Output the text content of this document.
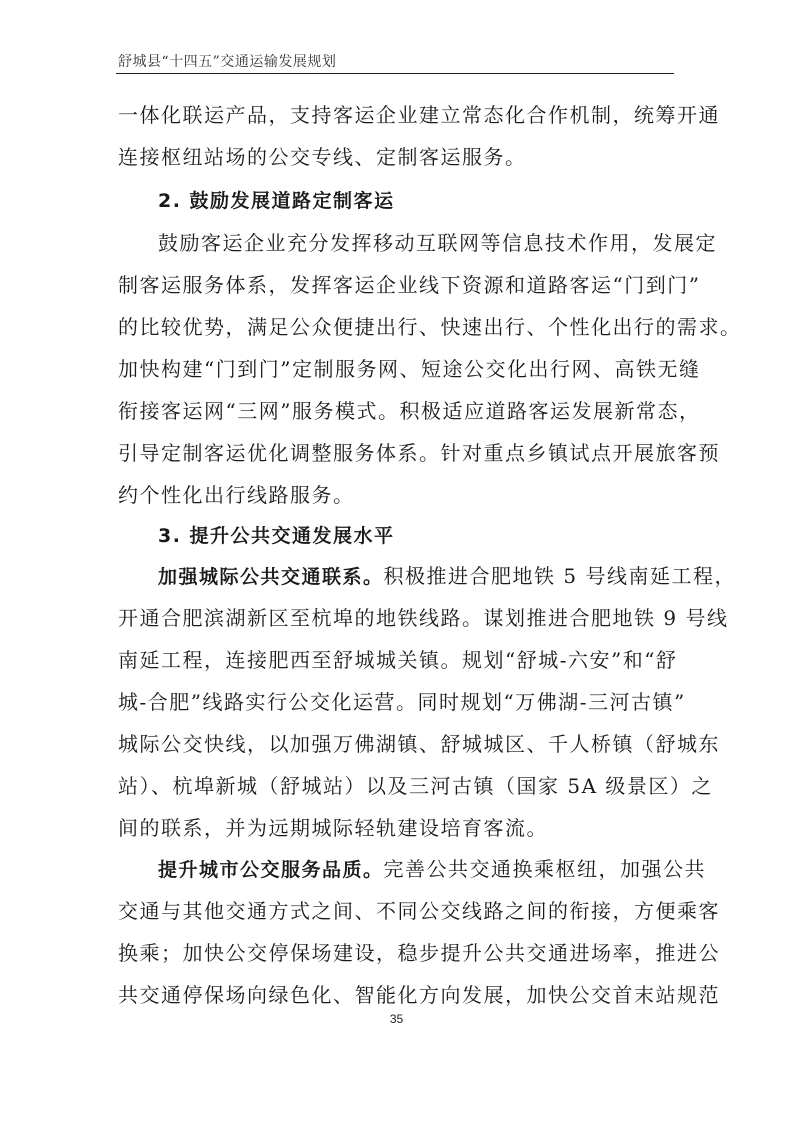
舒城县“十四五”交通运输发展规划
一体化联运产品，支持客运企业建立常态化合作机制，统筹开通
连接枢纽站场的公交专线、定制客运服务。
2. 鼓励发展道路定制客运
鼓励客运企业充分发挥移动互联网等信息技术作用，发展定
制客运服务体系，发挥客运企业线下资源和道路客运“门到门”
的比较优势，满足公众便捷出行、快速出行、个性化出行的需求。
加快构建“门到门”定制服务网、短途公交化出行网、高铁无缝
衔接客运网“三网”服务模式。积极适应道路客运发展新常态，
引导定制客运优化调整服务体系。针对重点乡镇试点开展旅客预
约个性化出行线路服务。
3. 提升公共交通发展水平
加强城际公共交通联系。积极推进合肥地铁 5 号线南延工程，
开通合肥滨湖新区至杭埠的地铁线路。谋划推进合肥地铁 9 号线
南延工程，连接肥西至舒城城关镇。规划“舒城-六安”和“舒
城-合肥”线路实行公交化运营。同时规划“万佛湖-三河古镇”
城际公交快线，以加强万佛湖镇、舒城城区、千人桥镇（舒城东
站）、杭埠新城（舒城站）以及三河古镇（国家 5A 级景区）之
间的联系，并为远期城际轻轨建设培育客流。
提升城市公交服务品质。完善公共交通换乘枢纽，加强公共
交通与其他交通方式之间、不同公交线路之间的衔接，方便乘客
换乘；加快公交停保场建设，稳步提升公共交通进场率，推进公
共交通停保场向绿色化、智能化方向发展，加快公交首末站规范
35
